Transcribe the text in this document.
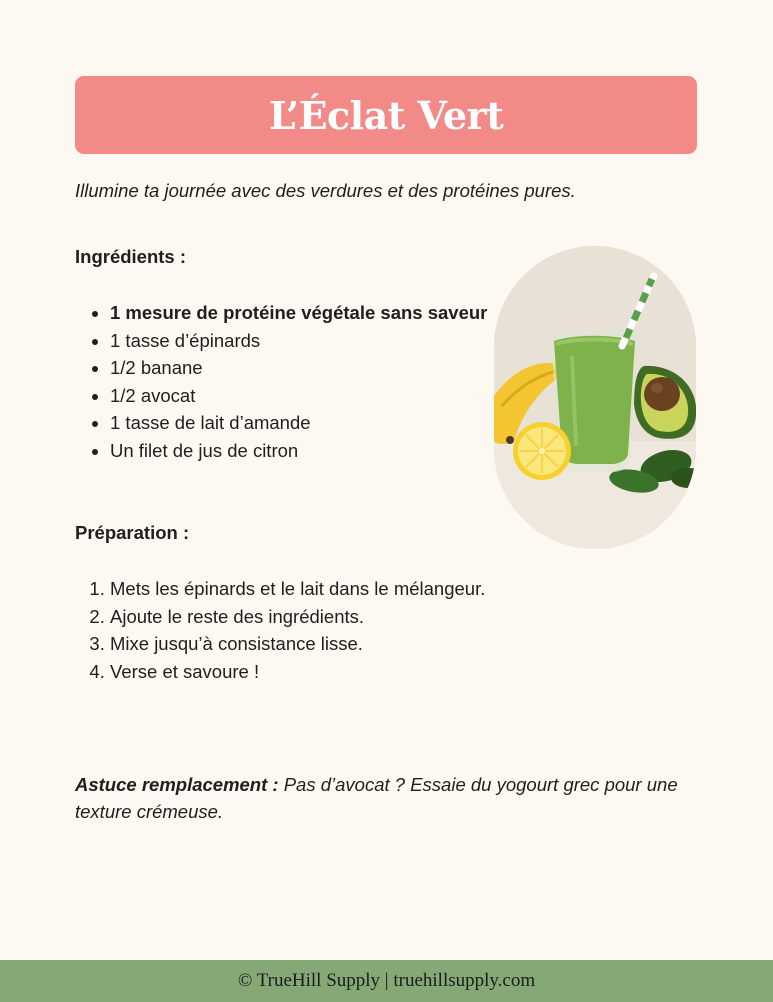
L’Éclat Vert
Illumine ta journée avec des verdures et des protéines pures.
Ingrédients :
• 1 mesure de protéine végétale sans saveur
• 1 tasse d’épinards
• 1/2 banane
• 1/2 avocat
• 1 tasse de lait d’amande
• Un filet de jus de citron
Préparation :
1. Mets les épinards et le lait dans le mélangeur.
2. Ajoute le reste des ingrédients.
3. Mixe jusqu’à consistance lisse.
4. Verse et savoure !
Astuce remplacement : Pas d’avocat ? Essaie du yogourt grec pour une texture crémeuse.
© TrueHill Supply | truehillsupply.com
